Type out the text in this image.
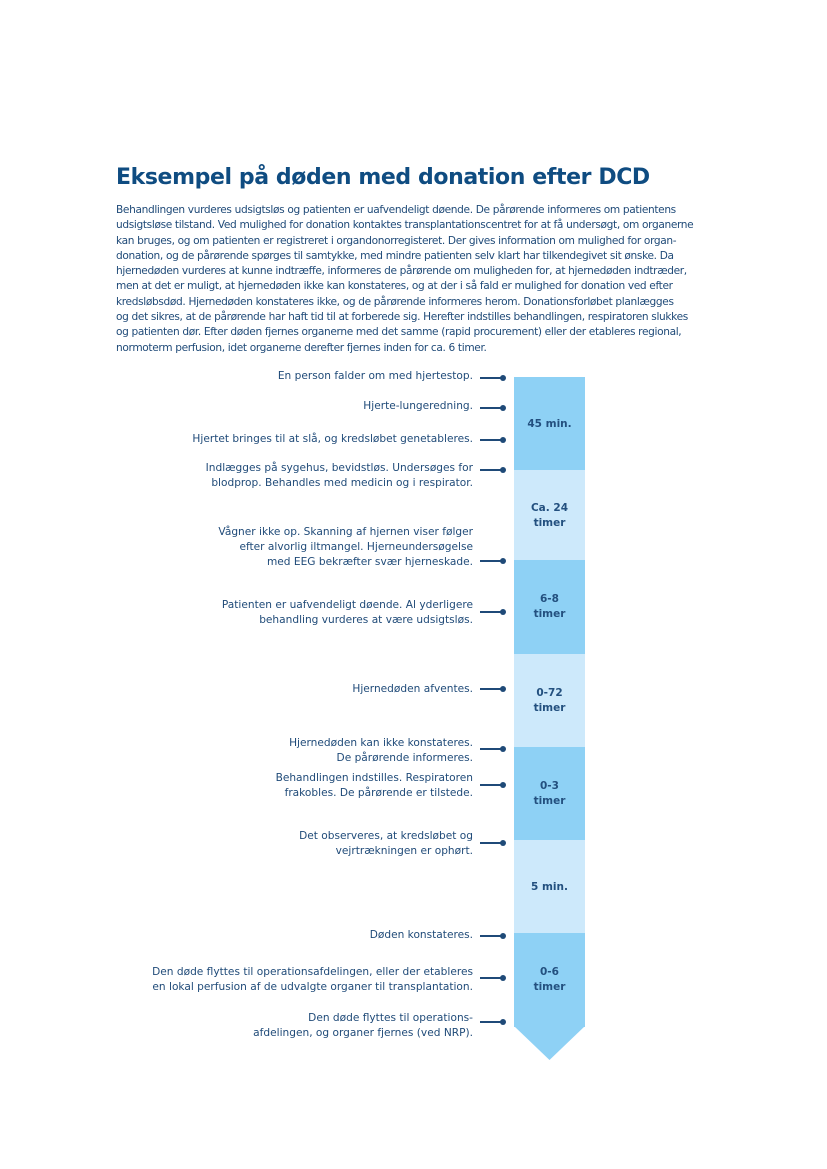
Eksempel på døden med donation efter DCD
Behandlingen vurderes udsigtsløs og patienten er uafvendeligt døende. De pårørende informeres om patientens
udsigtsløse tilstand. Ved mulighed for donation kontaktes transplantationscentret for at få undersøgt, om organerne
kan bruges, og om patienten er registreret i organdonorregisteret. Der gives information om mulighed for organ-
donation, og de pårørende spørges til samtykke, med mindre patienten selv klart har tilkendegivet sit ønske. Da
hjernedøden vurderes at kunne indtræffe, informeres de pårørende om muligheden for, at hjernedøden indtræder,
men at det er muligt, at hjernedøden ikke kan konstateres, og at der i så fald er mulighed for donation ved efter
kredsløbsdød. Hjernedøden konstateres ikke, og de pårørende informeres herom. Donationsforløbet planlægges
og det sikres, at de pårørende har haft tid til at forberede sig. Herefter indstilles behandlingen, respiratoren slukkes
og patienten dør. Efter døden fjernes organerne med det samme (rapid procurement) eller der etableres regional,
normoterm perfusion, idet organerne derefter fjernes inden for ca. 6 timer.
45 min.
Ca. 24
timer
6-8
timer
0-72
timer
0-3
timer
5 min.
0-6
timer
En person falder om med hjertestop.
Hjerte-lungeredning.
Hjertet bringes til at slå, og kredsløbet genetableres.
Indlægges på sygehus, bevidstløs. Undersøges for
blodprop. Behandles med medicin og i respirator.
Vågner ikke op. Skanning af hjernen viser følger
efter alvorlig iltmangel. Hjerneundersøgelse
med EEG bekræfter svær hjerneskade.
Patienten er uafvendeligt døende. Al yderligere
behandling vurderes at være udsigtsløs.
Hjernedøden afventes.
Hjernedøden kan ikke konstateres.
De pårørende informeres.
Behandlingen indstilles. Respiratoren
frakobles. De pårørende er tilstede.
Det observeres, at kredsløbet og
vejrtrækningen er ophørt.
Døden konstateres.
Den døde flyttes til operationsafdelingen, eller der etableres
en lokal perfusion af de udvalgte organer til transplantation.
Den døde flyttes til operations-
afdelingen, og organer fjernes (ved NRP).
